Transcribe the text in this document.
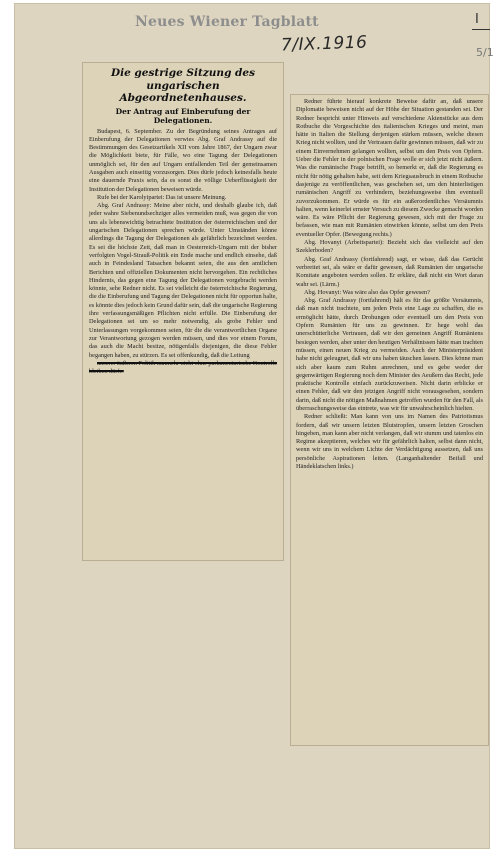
Neues Wiener Tagblatt
7/IX.1916
I
5/1
Die gestrige Sitzung des ungarischen Abgeordnetenhauses.
Der Antrag auf Einberufung der Delegationen.

Budapest, 6. September. Zu der Begründung seines Antrages auf Einberufung der Delegationen verwies Abg. Graf Andrassy auf die Bestimmungen des Gesetzartikels XII vom Jahre 1867, der Ungarn zwar die Möglichkeit biete, für Fälle, wo eine Tagung der Delegationen unmöglich sei, für den auf Ungarn entfallenden Teil der gemeinsamen Ausgaben auch einseitig vorzusorgen. Dies dürfe jedoch keinesfalls heute eine dauernde Praxis sein, da es sonst die völlige Ueberflüssigkeit der Institution der Delegationen beweisen würde.

Rufe bei der Karolyipartei: Das ist unsere Meinung.

Abg. Graf Andrassy: Meine aber nicht, und deshalb glaube ich, daß jeder wahre Siebenundsechziger alles vermeiden muß, was gegen die von uns als lebenswichtig betrachtete Institution der österreichischen und der ungarischen Delegationen sprechen würde. Unter Umständen könne allerdings die Tagung der Delegationen als gefährlich bezeichnet werden. Es sei die höchste Zeit, daß man in Oesterreich-Ungarn mit der bisher verfolgten Vogel-Strauß-Politik ein Ende mache und endlich einsehe, daß auch in Feindesland Tatsachen bekannt seien, die aus den amtlichen Berichten und offiziellen Dokumenten nicht hervorgehen. Ein rechtliches Hindernis, das gegen eine Tagung der Delegationen vorgebracht werden könnte, sehe Redner nicht. Es sei vielleicht die österreichische Regierung, die die Einberufung und Tagung der Delegationen nicht für opportun halte, es könnte dies jedoch kein Grund dafür sein, daß die ungarische Regierung ihre verfassungsmäßigen Pflichten nicht erfülle. Die Einberufung der Delegationen sei um so mehr notwendig, als grobe Fehler und Unterlassungen vorgekommen seien, für die die verantwortlichen Organe zur Verantwortung gezogen werden müssen, und dies vor einem Forum, das auch die Macht besitze, nötigenfalls diejenigen, die diese Fehler begangen haben, zu stürzen. Es sei offenkundig, daß die Leitung

unserer äußeren Politik nunmehr nicht ohne parlamentarische Kontrolle bleiben dürfe.

Redner führte hierauf konkrete Beweise dafür an, daß unsere Diplomatie beweisen nicht auf der Höhe der Situation gestanden sei. Der Redner bespricht unter Hinweis auf verschiedene Aktenstücke aus dem Rotbuche die Vorgeschichte des italienischen Krieges und meint, man hätte in Italien die Stellung derjenigen stärken müssen, welche diesen Krieg nicht wollten, und ihr Vertrauen dafür gewinnen müssen, daß wir zu einem Einvernehmen gelangen wollten, selbst um den Preis von Opfern. Ueber die Fehler in der polnischen Frage wolle er sich jetzt nicht äußern. Was die rumänische Frage betrifft, so bemerkt er, daß die Regierung es nicht für nötig gehalten habe, seit dem Kriegsausbruch in einem Rotbuche dasjenige zu veröffentlichen, was geschehen sei, um den hinterlistigen rumänischen Angriff zu verhindern, beziehungsweise ihm eventuell zuvorzukommen. Er würde es für ein außerordentliches Versäumnis halten, wenn keinerlei ernster Versuch zu diesem Zwecke gemacht worden wäre. Es wäre Pflicht der Regierung gewesen, sich mit der Frage zu befassen, wie man mit Rumänien einwirken könnte, selbst um den Preis eventueller Opfer. (Bewegung rechts.)

Abg. Hovanyi (Arbeitspartei): Bezieht sich das vielleicht auf den Szeklerboden?

Abg. Graf Andrassy (fortfahrend) sagt, er wisse, daß das Gerücht verbreitet sei, als wäre er dafür gewesen, daß Rumänien der ungarische Komitate angeboten werden sollen. Er erkläre, daß nicht ein Wort daran wahr sei. (Lärm.)

Abg. Hovanyi: Was wäre also das Opfer gewesen?

Abg. Graf Andrassy (fortfahrend) hält es für das größte Versäumnis, daß man nicht trachtete, um jeden Preis eine Lage zu schaffen, die es ermöglicht hätte, durch Drohungen oder eventuell um den Preis von Opfern Rumänien für uns zu gewinnen. Er hege wohl das unerschütterliche Vertrauen, daß wir den gemeinen Angriff Rumäniens besiegen werden, aber unter den heutigen Verhältnissen hätte man trachten müssen, einen neuen Krieg zu vermeiden. Auch der Ministerpräsident habe nicht geleugnet, daß wir uns haben täuschen lassen. Dies könne man sich aber kaum zum Ruhm anrechnen, und es gebe weder der gegenwärtigen Regierung noch dem Minister des Aeußern das Recht, jede praktische Kontrolle einfach zurückzuweisen. Nicht darin erblicke er einen Fehler, daß wir den jetzigen Angriff nicht vorausgesehen, sondern darin, daß nicht die nötigen Maßnahmen getroffen wurden für den Fall, als überraschungsweise das eintrete, was wir für unwahrscheinlich hielten.

Redner schließt: Man kann von uns im Namen des Patriotismus fordern, daß wir unsern letzten Blutstropfen, unsern letzten Groschen hingeben, man kann aber nicht verlangen, daß wir stumm und tatenlos ein Regime akzeptieren, welches wir für gefährlich halten, selbst dann nicht, wenn wir uns in welchem Lichte der Verdächtigung aussetzen, daß uns persönliche Aspirationen leiten. (Langanhaltender Beifall und Händeklatschen links.)
